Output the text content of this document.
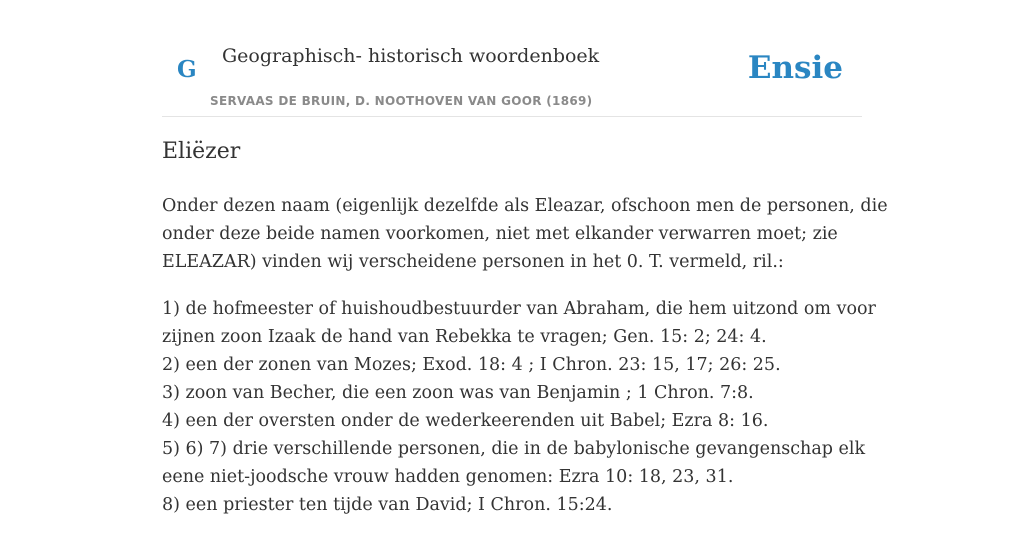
G Geographisch- historisch woordenboek
SERVAAS DE BRUIN, D. NOOTHOVEN VAN GOOR (1869)
Ensie
Eliëzer

Onder dezen naam (eigenlijk dezelfde als Eleazar, ofschoon men de personen, die
onder deze beide namen voorkomen, niet met elkander verwarren moet; zie
ELEAZAR) vinden wij verscheidene personen in het 0. T. vermeld, ril.:

1) de hofmeester of huishoudbestuurder van Abraham, die hem uitzond om voor
zijnen zoon Izaak de hand van Rebekka te vragen; Gen. 15: 2; 24: 4.
2) een der zonen van Mozes; Exod. 18: 4 ; I Chron. 23: 15, 17; 26: 25.
3) zoon van Becher, die een zoon was van Benjamin ; 1 Chron. 7:8.
4) een der oversten onder de wederkeerenden uit Babel; Ezra 8: 16.
5) 6) 7) drie verschillende personen, die in de babylonische gevangenschap elk
eene niet-joodsche vrouw hadden genomen: Ezra 10: 18, 23, 31.
8) een priester ten tijde van David; I Chron. 15:24.
